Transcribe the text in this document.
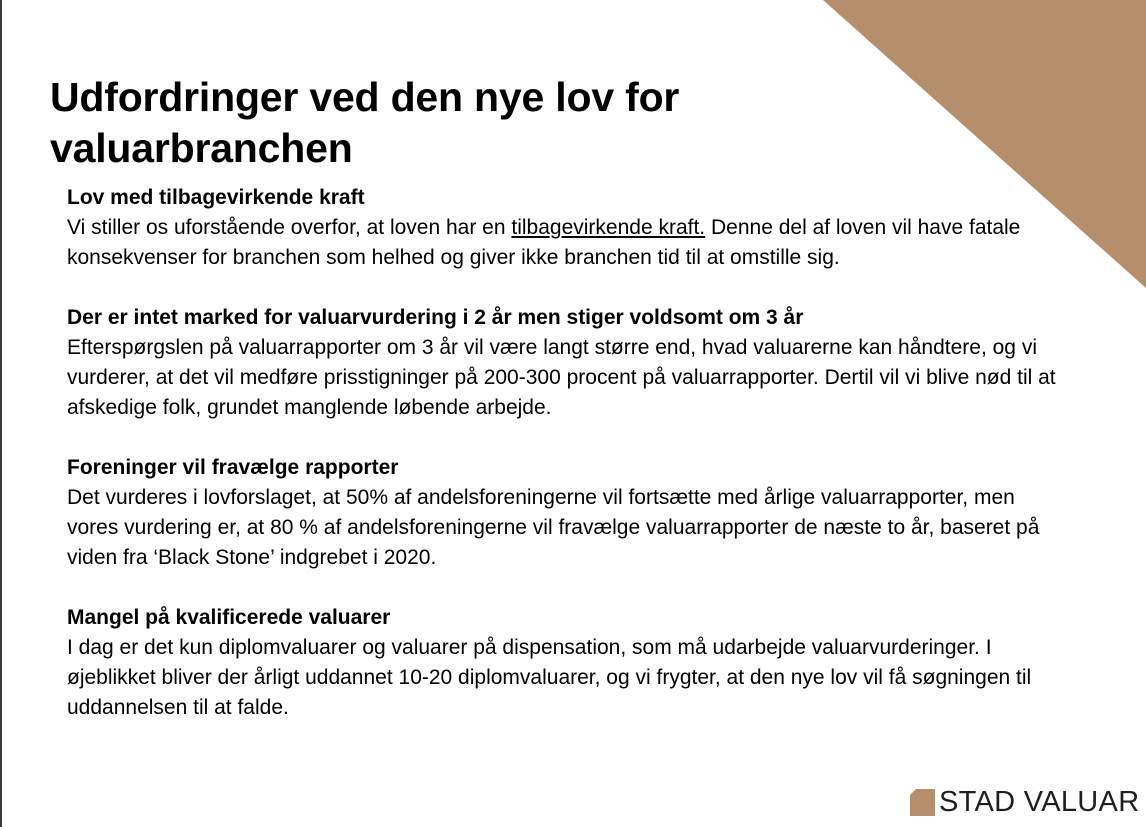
Udfordringer ved den nye lov for valuarbranchen

Lov med tilbagevirkende kraft

Vi stiller os uforstående overfor, at loven har en tilbagevirkende kraft. Denne del af loven vil have fatale konsekvenser for branchen som helhed og giver ikke branchen tid til at omstille sig.

Der er intet marked for valuarvurdering i 2 år men stiger voldsomt om 3 år

Efterspørgslen på valuarrapporter om 3 år vil være langt større end, hvad valuarerne kan håndtere, og vi vurderer, at det vil medføre prisstigninger på 200-300 procent på valuarrapporter. Dertil vil vi blive nød til at afskedige folk, grundet manglende løbende arbejde.

Foreninger vil fravælge rapporter

Det vurderes i lovforslaget, at 50% af andelsforeningerne vil fortsætte med årlige valuarrapporter, men vores vurdering er, at 80 % af andelsforeningerne vil fravælge valuarrapporter de næste to år, baseret på viden fra ‘Black Stone’ indgrebet i 2020.

Mangel på kvalificerede valuarer

I dag er det kun diplomvaluarer og valuarer på dispensation, som må udarbejde valuarvurderinger. I øjeblikket bliver der årligt uddannet 10-20 diplomvaluarer, og vi frygter, at den nye lov vil få søgningen til uddannelsen til at falde.

STAD VALUAR
